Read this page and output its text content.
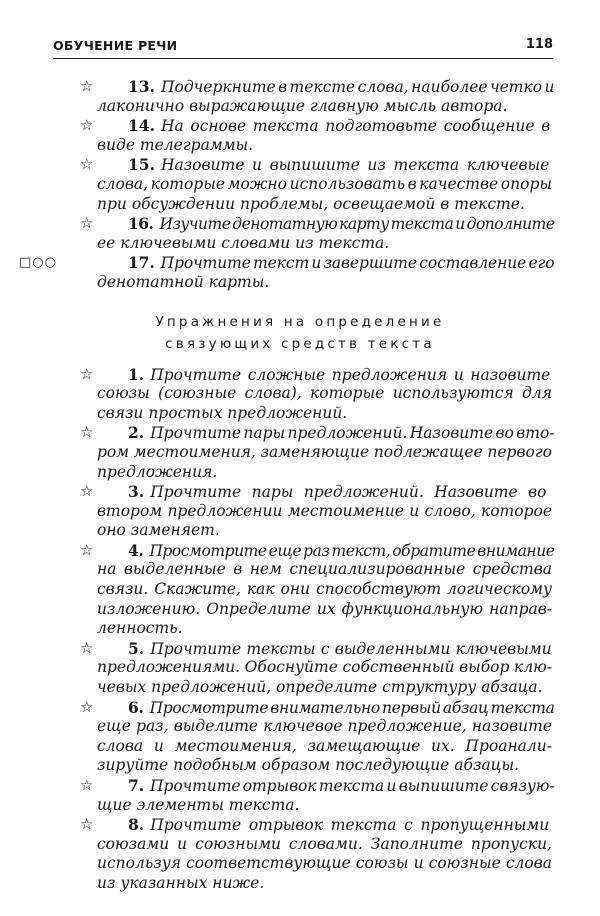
ОБУЧЕНИЕ РЕЧИ	118
☆	13. Подчеркните в тексте слова, наиболее четко и
лаконично выражающие главную мысль автора.
☆	14. На основе текста подготовьте сообщение в
виде телеграммы.
☆	15. Назовите и выпишите из текста ключевые
слова, которые можно использовать в качестве опоры
при обсуждении проблемы, освещаемой в тексте.
☆	16. Изучите денотатную карту текста и дополните
ее ключевыми словами из текста.
□○○	17. Прочтите текст и завершите составление его
денотатной карты.
Упражнения на определение
связующих средств текста
☆	1. Прочтите сложные предложения и назовите
союзы (союзные слова), которые используются для
связи простых предложений.
☆	2. Прочтите пары предложений. Назовите во вто-
ром местоимения, заменяющие подлежащее первого
предложения.
☆	3. Прочтите пары предложений. Назовите во
втором предложении местоимение и слово, которое
оно заменяет.
☆	4. Просмотрите еще раз текст, обратите внимание
на выделенные в нем специализированные средства
связи. Скажите, как они способствуют логическому
изложению. Определите их функциональную направ-
ленность.
☆	5. Прочтите тексты с выделенными ключевыми
предложениями. Обоснуйте собственный выбор клю-
чевых предложений, определите структуру абзаца.
☆	6. Просмотрите внимательно первый абзац текста
еще раз, выделите ключевое предложение, назовите
слова и местоимения, замещающие их. Проанали-
зируйте подобным образом последующие абзацы.
☆	7. Прочтите отрывок текста и выпишите связую-
щие элементы текста.
☆	8. Прочтите отрывок текста с пропущенными
союзами и союзными словами. Заполните пропуски,
используя соответствующие союзы и союзные слова
из указанных ниже.
